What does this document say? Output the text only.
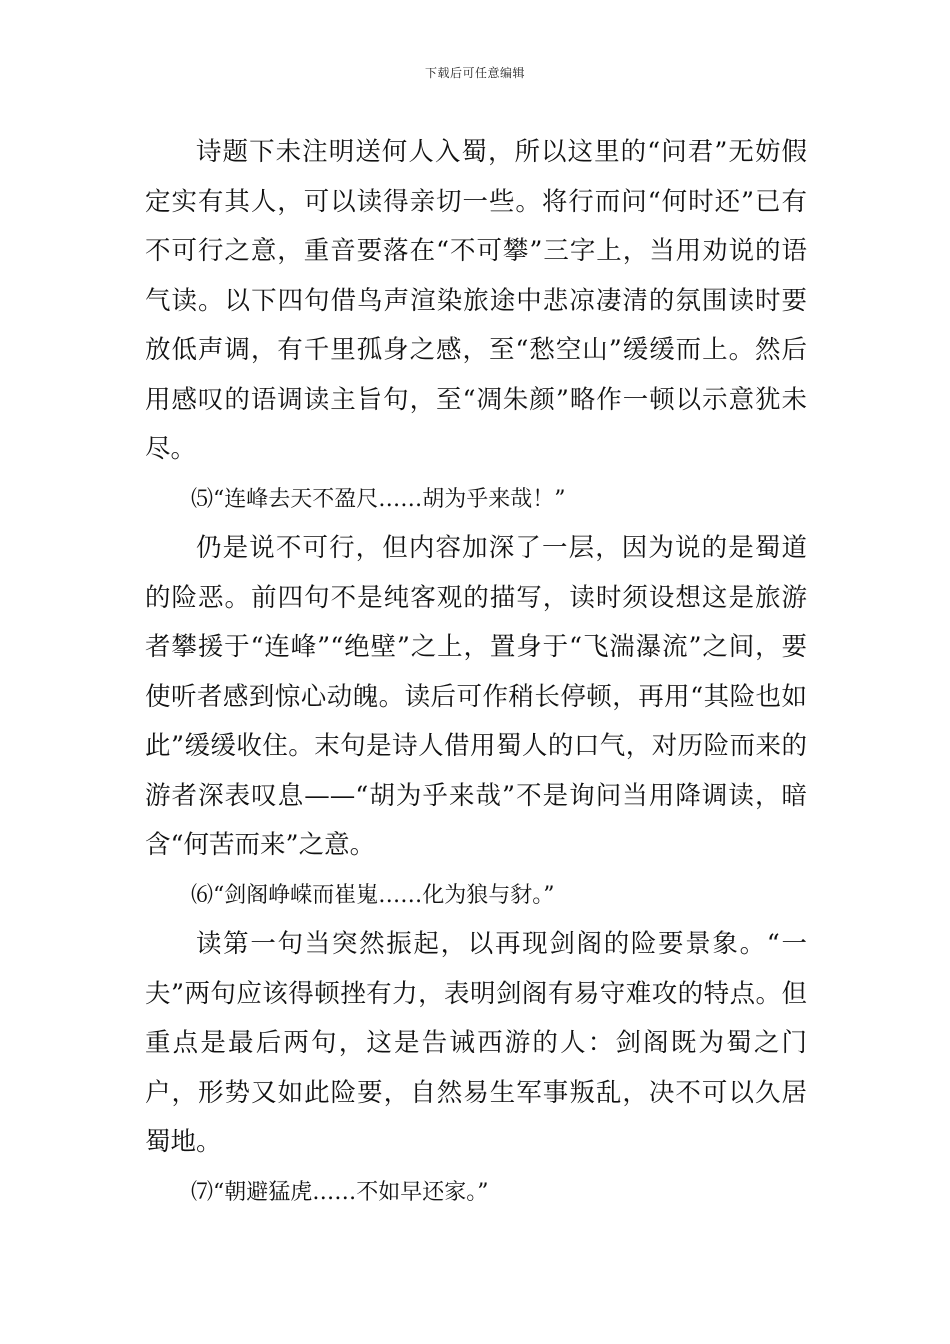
下载后可任意编辑

诗题下未注明送何人入蜀，所以这里的“问君”无妨假定实有其人，可以读得亲切一些。将行而问“何时还”已有不可行之意，重音要落在“不可攀”三字上，当用劝说的语气读。以下四句借鸟声渲染旅途中悲凉凄清的氛围读时要放低声调，有千里孤身之感，至“愁空山”缓缓而上。然后用感叹的语调读主旨句，至“凋朱颜”略作一顿以示意犹未尽。

⑸“连峰去天不盈尺……胡为乎来哉！”

仍是说不可行，但内容加深了一层，因为说的是蜀道的险恶。前四句不是纯客观的描写，读时须设想这是旅游者攀援于“连峰”“绝壁”之上，置身于“飞湍瀑流”之间，要使听者感到惊心动魄。读后可作稍长停顿，再用“其险也如此”缓缓收住。末句是诗人借用蜀人的口气，对历险而来的游者深表叹息——“胡为乎来哉”不是询问当用降调读，暗含“何苦而来”之意。

⑹“剑阁峥嵘而崔嵬……化为狼与豺。”

读第一句当突然振起，以再现剑阁的险要景象。“一夫”两句应该得顿挫有力，表明剑阁有易守难攻的特点。但重点是最后两句，这是告诫西游的人：剑阁既为蜀之门户，形势又如此险要，自然易生军事叛乱，决不可以久居蜀地。

⑺“朝避猛虎……不如早还家。”
